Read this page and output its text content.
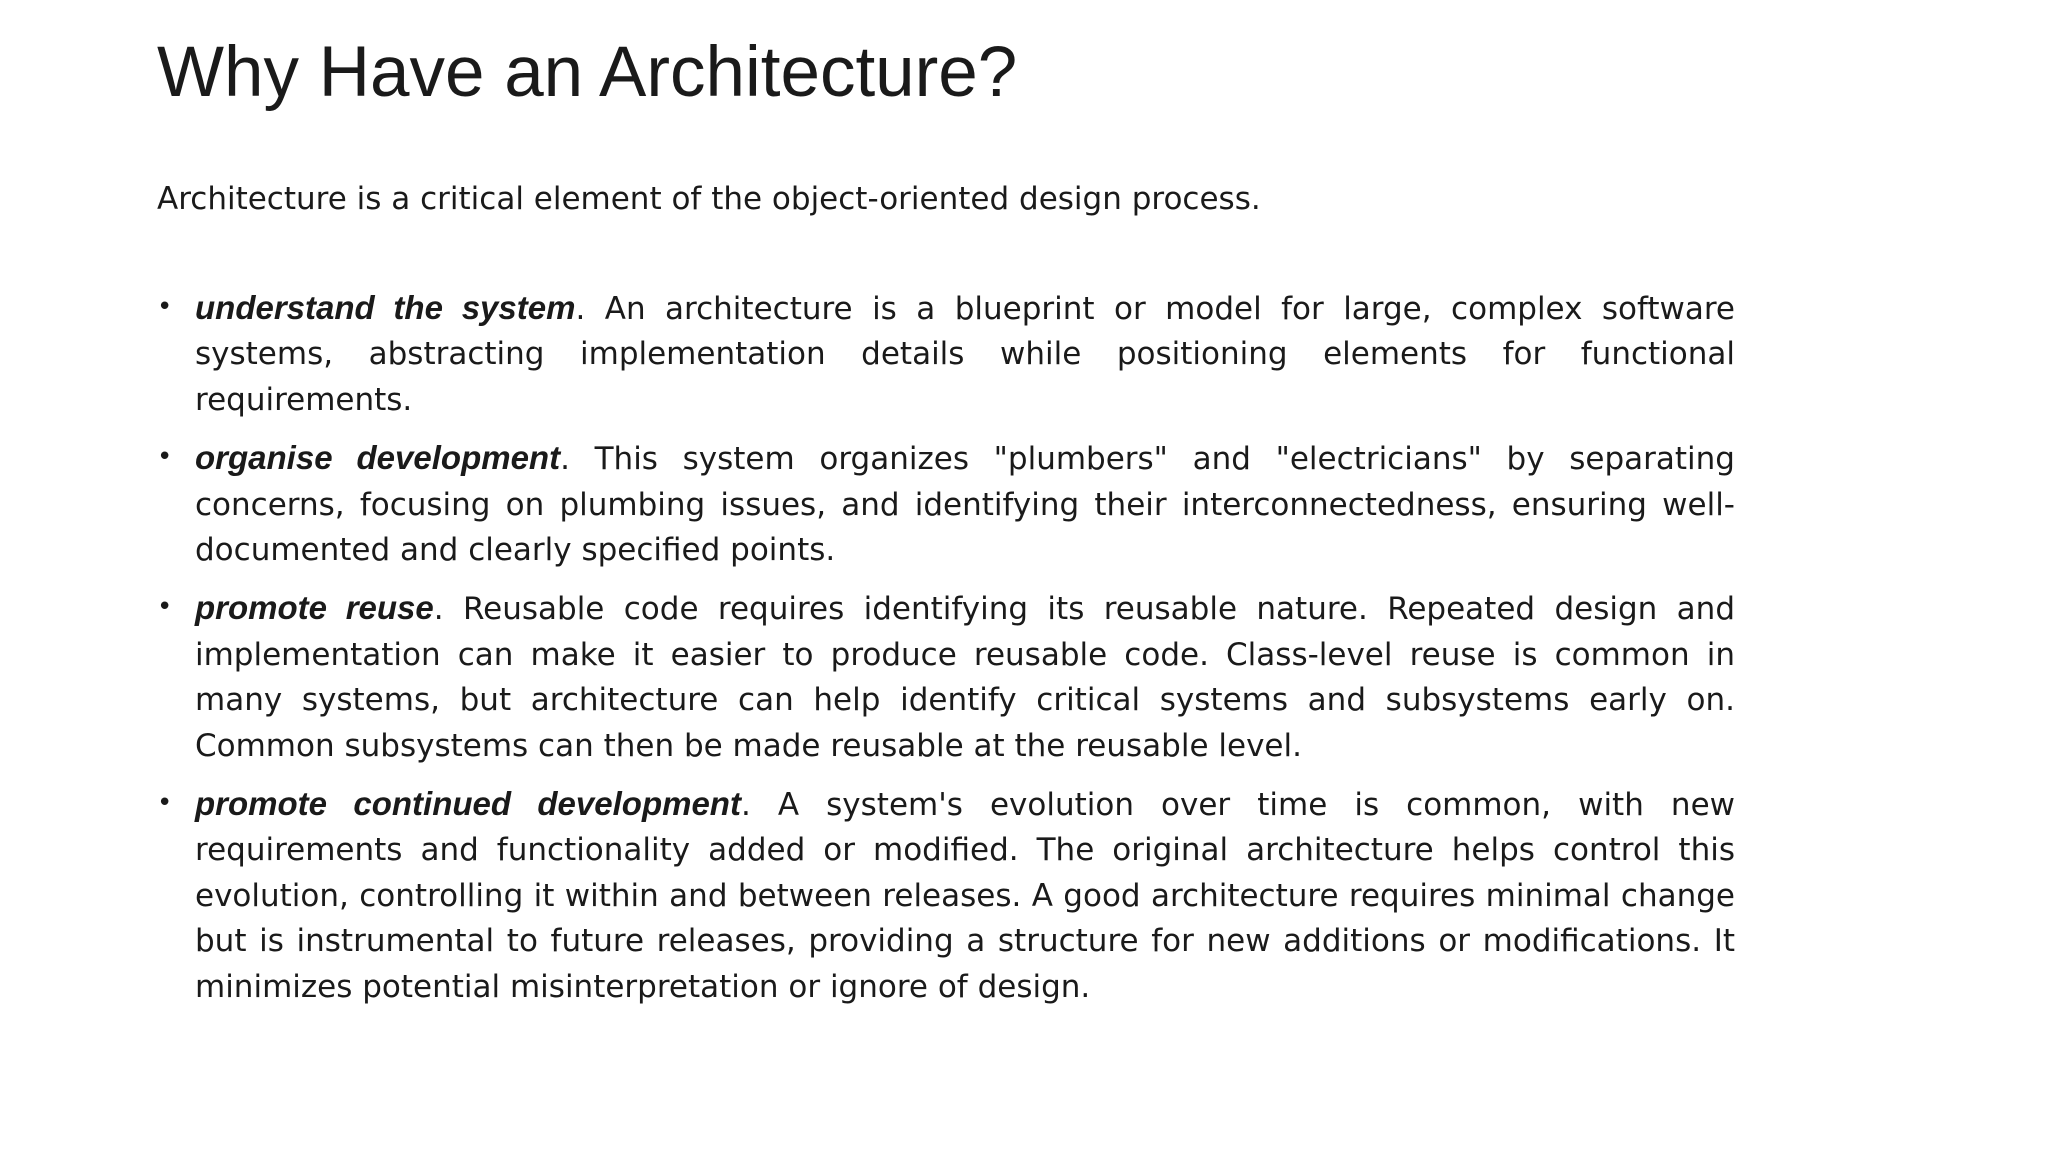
Why Have an Architecture?

Architecture is a critical element of the object-oriented design process.

• understand the system. An architecture is a blueprint or model for large, complex software systems, abstracting implementation details while positioning elements for functional requirements.
• organise development. This system organizes "plumbers" and "electricians" by separating concerns, focusing on plumbing issues, and identifying their interconnectedness, ensuring well-documented and clearly specified points.
• promote reuse. Reusable code requires identifying its reusable nature. Repeated design and implementation can make it easier to produce reusable code. Class-level reuse is common in many systems, but architecture can help identify critical systems and subsystems early on. Common subsystems can then be made reusable at the reusable level.
• promote continued development. A system's evolution over time is common, with new requirements and functionality added or modified. The original architecture helps control this evolution, controlling it within and between releases. A good architecture requires minimal change but is instrumental to future releases, providing a structure for new additions or modifications. It minimizes potential misinterpretation or ignore of design.
